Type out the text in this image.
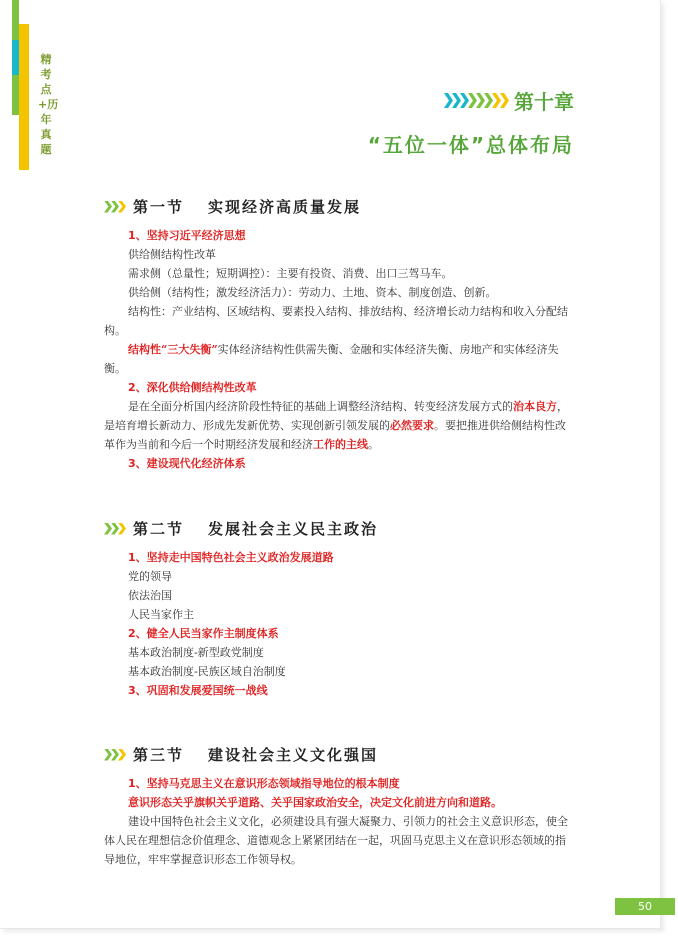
精考点+历年真题
第十章
“五位一体”总体布局
第一节 实现经济高质量发展

1、坚持习近平经济思想

供给侧结构性改革

需求侧（总量性；短期调控）：主要有投资、消费、出口三驾马车。

供给侧（结构性；激发经济活力）：劳动力、土地、资本、制度创造、创新。

结构性：产业结构、区域结构、要素投入结构、排放结构、经济增长动力结构和收入分配结构。

结构性“三大失衡”实体经济结构性供需失衡、金融和实体经济失衡、房地产和实体经济失衡。

2、深化供给侧结构性改革

是在全面分析国内经济阶段性特征的基础上调整经济结构、转变经济发展方式的治本良方，是培育增长新动力、形成先发新优势、实现创新引领发展的必然要求。要把推进供给侧结构性改革作为当前和今后一个时期经济发展和经济工作的主线。

3、建设现代化经济体系

第二节 发展社会主义民主政治

1、坚持走中国特色社会主义政治发展道路

党的领导

依法治国

人民当家作主

2、健全人民当家作主制度体系

基本政治制度-新型政党制度

基本政治制度-民族区域自治制度

3、巩固和发展爱国统一战线

第三节 建设社会主义文化强国

1、坚持马克思主义在意识形态领域指导地位的根本制度

意识形态关乎旗帜关乎道路、关乎国家政治安全，决定文化前进方向和道路。

建设中国特色社会主义文化，必须建设具有强大凝聚力、引领力的社会主义意识形态，使全体人民在理想信念价值理念、道德观念上紧紧团结在一起，巩固马克思主义在意识形态领域的指导地位，牢牢掌握意识形态工作领导权。

50
